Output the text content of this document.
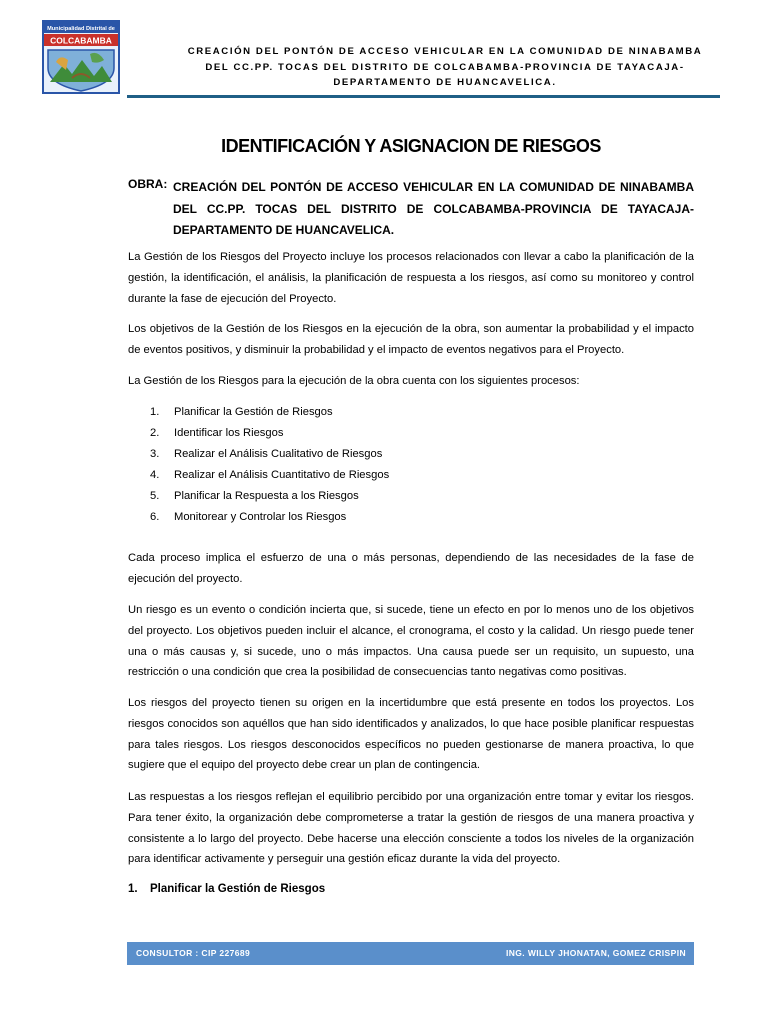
Municipalidad Distrital de
COLCABAMBA
CREACIÓN DEL PONTÓN DE ACCESO VEHICULAR EN LA COMUNIDAD DE NINABAMBA
DEL CC.PP. TOCAS DEL DISTRITO DE COLCABAMBA-PROVINCIA DE TAYACAJA-
DEPARTAMENTO DE HUANCAVELICA.
IDENTIFICACIÓN Y ASIGNACION DE RIESGOS
OBRA: CREACIÓN DEL PONTÓN DE ACCESO VEHICULAR EN LA COMUNIDAD DE NINABAMBA DEL CC.PP. TOCAS DEL DISTRITO DE COLCABAMBA-PROVINCIA DE TAYACAJA-DEPARTAMENTO DE HUANCAVELICA.

La Gestión de los Riesgos del Proyecto incluye los procesos relacionados con llevar a cabo la planificación de la gestión, la identificación, el análisis, la planificación de respuesta a los riesgos, así como su monitoreo y control durante la fase de ejecución del Proyecto.

Los objetivos de la Gestión de los Riesgos en la ejecución de la obra, son aumentar la probabilidad y el impacto de eventos positivos, y disminuir la probabilidad y el impacto de eventos negativos para el Proyecto.

La Gestión de los Riesgos para la ejecución de la obra cuenta con los siguientes procesos:

1. Planificar la Gestión de Riesgos
2. Identificar los Riesgos
3. Realizar el Análisis Cualitativo de Riesgos
4. Realizar el Análisis Cuantitativo de Riesgos
5. Planificar la Respuesta a los Riesgos
6. Monitorear y Controlar los Riesgos

Cada proceso implica el esfuerzo de una o más personas, dependiendo de las necesidades de la fase de ejecución del proyecto.

Un riesgo es un evento o condición incierta que, si sucede, tiene un efecto en por lo menos uno de los objetivos del proyecto. Los objetivos pueden incluir el alcance, el cronograma, el costo y la calidad. Un riesgo puede tener una o más causas y, si sucede, uno o más impactos. Una causa puede ser un requisito, un supuesto, una restricción o una condición que crea la posibilidad de consecuencias tanto negativas como positivas.

Los riesgos del proyecto tienen su origen en la incertidumbre que está presente en todos los proyectos. Los riesgos conocidos son aquéllos que han sido identificados y analizados, lo que hace posible planificar respuestas para tales riesgos. Los riesgos desconocidos específicos no pueden gestionarse de manera proactiva, lo que sugiere que el equipo del proyecto debe crear un plan de contingencia.

Las respuestas a los riesgos reflejan el equilibrio percibido por una organización entre tomar y evitar los riesgos. Para tener éxito, la organización debe comprometerse a tratar la gestión de riesgos de una manera proactiva y consistente a lo largo del proyecto. Debe hacerse una elección consciente a todos los niveles de la organización para identificar activamente y perseguir una gestión eficaz durante la vida del proyecto.

1. Planificar la Gestión de Riesgos
CONSULTOR : CIP 227689	ING. WILLY JHONATAN, GOMEZ CRISPIN
